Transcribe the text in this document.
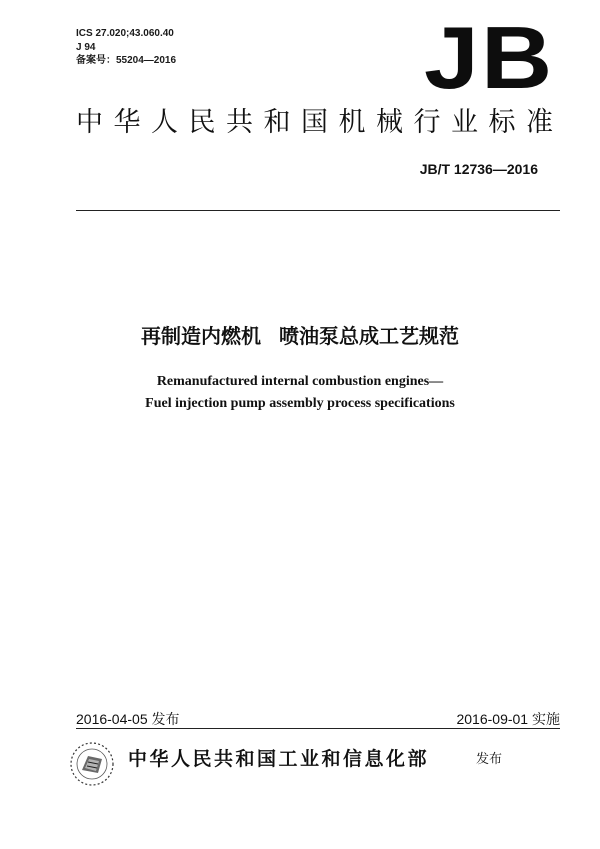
ICS 27.020;43.060.40
J 94
备案号：55204—2016	JB
中华人民共和国机械行业标准
JB/T 12736—2016
再制造内燃机 喷油泵总成工艺规范
Remanufactured internal combustion engines—
Fuel injection pump assembly process specifications
2016-04-05 发布	2016-09-01 实施
中华人民共和国工业和信息化部	发布
